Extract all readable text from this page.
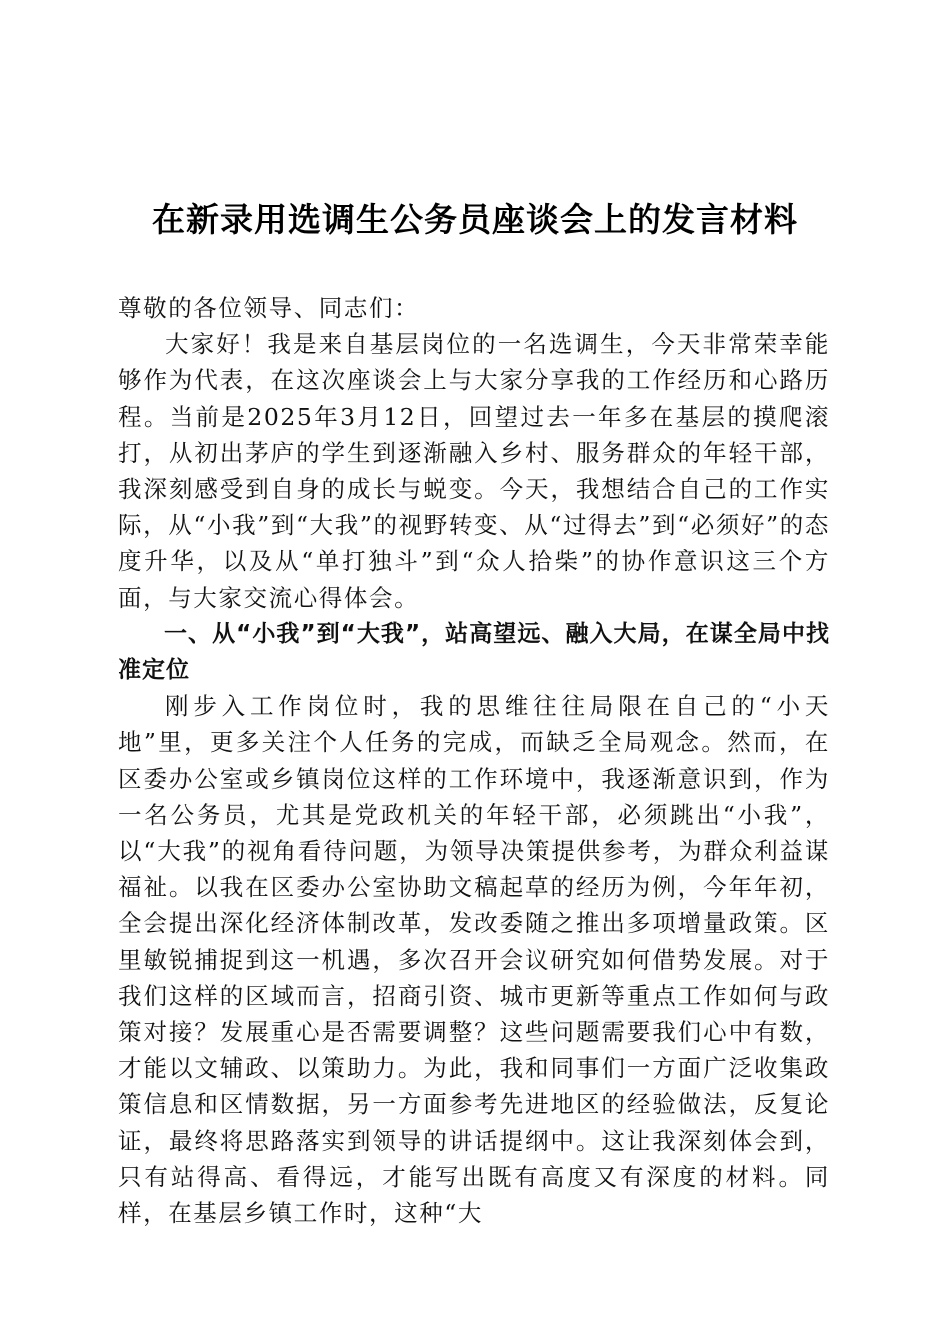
在新录用选调生公务员座谈会上的发言材料

尊敬的各位领导、同志们：

大家好！我是来自基层岗位的一名选调生，今天非常荣幸能够作为代表，在这次座谈会上与大家分享我的工作经历和心路历程。当前是2025年3月12日，回望过去一年多在基层的摸爬滚打，从初出茅庐的学生到逐渐融入乡村、服务群众的年轻干部，我深刻感受到自身的成长与蜕变。今天，我想结合自己的工作实际，从“小我”到“大我”的视野转变、从“过得去”到“必须好”的态度升华，以及从“单打独斗”到“众人拾柴”的协作意识这三个方面，与大家交流心得体会。

一、从“小我”到“大我”，站高望远、融入大局，在谋全局中找准定位

刚步入工作岗位时，我的思维往往局限在自己的“小天地”里，更多关注个人任务的完成，而缺乏全局观念。然而，在区委办公室或乡镇岗位这样的工作环境中，我逐渐意识到，作为一名公务员，尤其是党政机关的年轻干部，必须跳出“小我”，以“大我”的视角看待问题，为领导决策提供参考，为群众利益谋福祉。以我在区委办公室协助文稿起草的经历为例，今年年初，全会提出深化经济体制改革，发改委随之推出多项增量政策。区里敏锐捕捉到这一机遇，多次召开会议研究如何借势发展。对于我们这样的区域而言，招商引资、城市更新等重点工作如何与政策对接？发展重心是否需要调整？这些问题需要我们心中有数，才能以文辅政、以策助力。为此，我和同事们一方面广泛收集政策信息和区情数据，另一方面参考先进地区的经验做法，反复论证，最终将思路落实到领导的讲话提纲中。这让我深刻体会到，只有站得高、看得远，才能写出既有高度又有深度的材料。同样，在基层乡镇工作时，这种“大
